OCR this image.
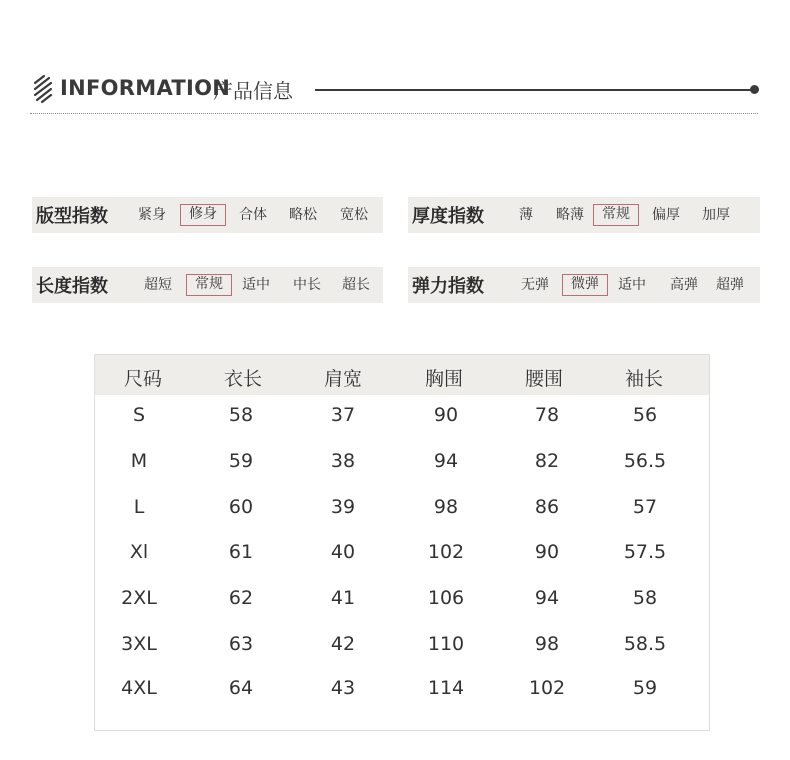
INFORMATION
产品信息
版型指数	紧身	修身	合体	略松	宽松 厚度指数	薄	略薄	常规	偏厚	加厚
长度指数	超短	常规	适中	中长	超长 弹力指数	无弹	微弹	适中	高弹	超弹
尺码	衣长	肩宽	胸围	腰围	袖长
S	58	37	90	78	56
M	59	38	94	82	56.5
L	60	39	98	86	57
Xl	61	40	102	90	57.5
2XL	62	41	106	94	58
3XL	63	42	110	98	58.5
4XL	64	43	114	102	59
